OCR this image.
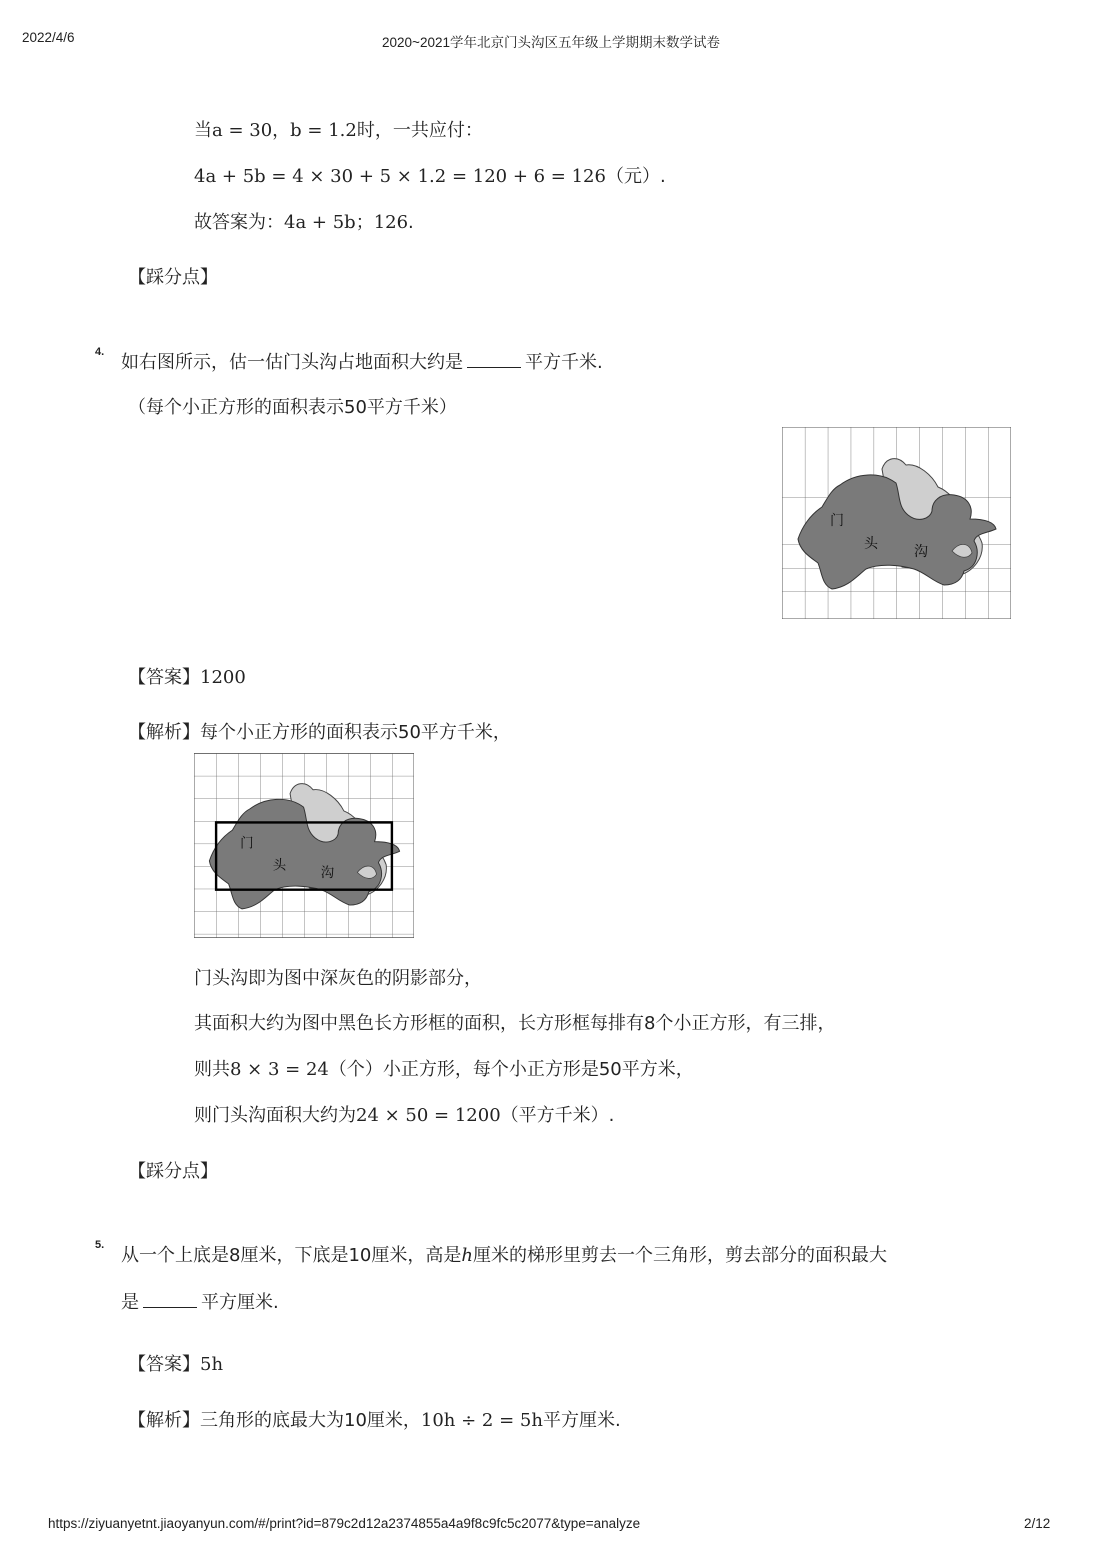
2022/4/6	2020~2021学年北京门头沟区五年级上学期期末数学试卷
当a = 30，b = 1.2时，一共应付：
4a + 5b = 4 × 30 + 5 × 1.2 = 120 + 6 = 126（元）.
故答案为：4a + 5b；126.
【踩分点】
4. 如右图所示，估一估门头沟占地面积大约是	平方千米.
（每个小正方形的面积表示50平方千米）
门
头	沟
【答案】1200
【解析】每个小正方形的面积表示50平方千米，
门
头
沟
门头沟即为图中深灰色的阴影部分，
其面积大约为图中黑色长方形框的面积，长方形框每排有8个小正方形，有三排，
则共8 × 3 = 24（个）小正方形，每个小正方形是50平方米，
则门头沟面积大约为24 × 50 = 1200（平方千米）.
【踩分点】
5. 从一个上底是8厘米，下底是10厘米，高是h厘米的梯形里剪去一个三角形，剪去部分的面积最大
是	平方厘米.
【答案】5h
【解析】三角形的底最大为10厘米，10h ÷ 2 = 5h平方厘米.
https://ziyuanyetnt.jiaoyanyun.com/#/print?id=879c2d12a2374855a4a9f8c9fc5c2077&type=analyze	2/12
